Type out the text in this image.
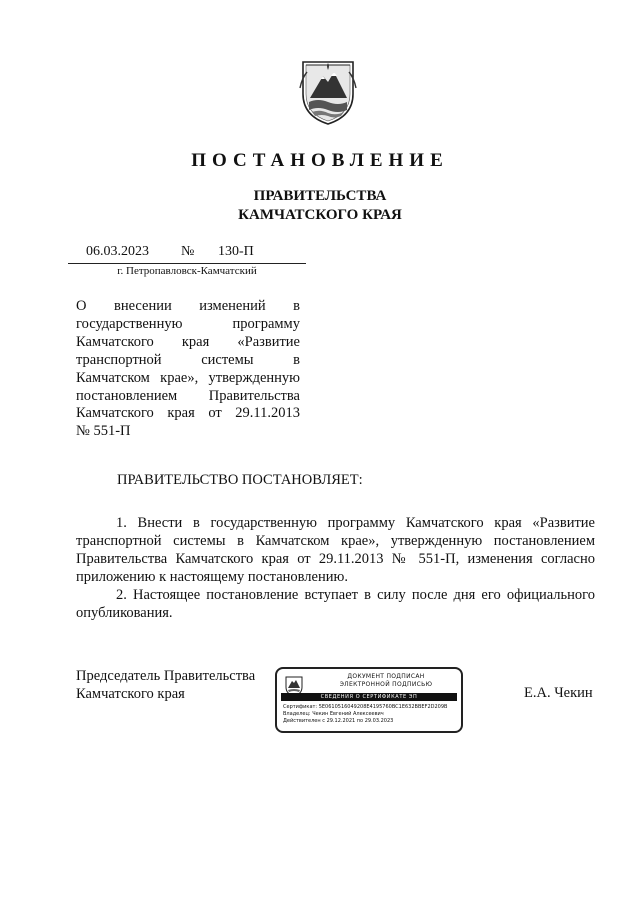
ПОСТАНОВЛЕНИЕ
ПРАВИТЕЛЬСТВА
КАМЧАТСКОГО КРАЯ
06.03.2023 № 130-П
г. Петропавловск-Камчатский
О внесении изменений в
государственную программу
Камчатского края «Развитие
транспортной системы в
Камчатском крае», утвержденную
постановлением Правительства
Камчатского края от 29.11.2013
№ 551-П
ПРАВИТЕЛЬСТВО ПОСТАНОВЛЯЕТ:

1. Внести в государственную программу Камчатского края «Развитие транспортной системы в Камчатском крае», утвержденную постановлением Правительства Камчатского края от 29.11.2013 № 551-П, изменения согласно приложению к настоящему постановлению.

2. Настоящее постановление вступает в силу после дня его официального опубликования.

Председатель Правительства
Камчатского края
ДОКУМЕНТ ПОДПИСАН
ЭЛЕКТРОННОЙ ПОДПИСЬЮ
СВЕДЕНИЯ О СЕРТИФИКАТЕ ЭП
Сертификат: 5E0610516049208E4195760BC1E632BBEF2D209B
Владелец: Чекин Евгений Алексеевич
Действителен с 29.12.2021 по 29.03.2023
Е.А. Чекин
